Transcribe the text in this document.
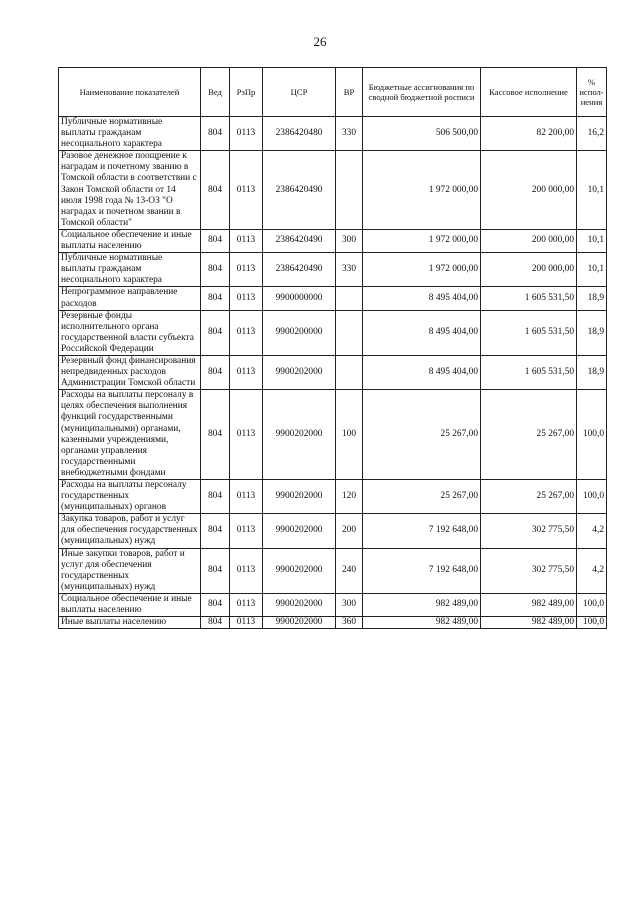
26
Наименование показателей	Вед	РзПр	ЦСР	ВР	Бюджетные ассигнования по сводной бюджетной росписи	Кассовое исполнение	% испол-нения
Публичные нормативные выплаты гражданам несоциального характера	804	0113	2386420480	330	506 500,00	82 200,00	16,2
Разовое денежное поощрение к наградам и почетному званию в Томской области в соответствии с Закон Томской области от 14 июля 1998 года № 13-ОЗ "О наградах и почетном звании в Томской области"	804	0113	2386420490		1 972 000,00	200 000,00	10,1
Социальное обеспечение и иные выплаты населению	804	0113	2386420490	300	1 972 000,00	200 000,00	10,1
Публичные нормативные выплаты гражданам несоциального характера	804	0113	2386420490	330	1 972 000,00	200 000,00	10,1
Непрограммное направление расходов	804	0113	9900000000		8 495 404,00	1 605 531,50	18,9
Резервные фонды исполнительного органа государственной власти субъекта Российской Федерации	804	0113	9900200000		8 495 404,00	1 605 531,50	18,9
Резервный фонд финансирования непредвиденных расходов Администрации Томской области	804	0113	9900202000		8 495 404,00	1 605 531,50	18,9
Расходы на выплаты персоналу в целях обеспечения выполнения функций государственными (муниципальными) органами, казенными учреждениями, органами управления государственными внебюджетными фондами	804	0113	9900202000	100	25 267,00	25 267,00	100,0
Расходы на выплаты персоналу государственных (муниципальных) органов	804	0113	9900202000	120	25 267,00	25 267,00	100,0
Закупка товаров, работ и услуг для обеспечения государственных (муниципальных) нужд	804	0113	9900202000	200	7 192 648,00	302 775,50	4,2
Иные закупки товаров, работ и услуг для обеспечения государственных (муниципальных) нужд	804	0113	9900202000	240	7 192 648,00	302 775,50	4,2
Социальное обеспечение и иные выплаты населению	804	0113	9900202000	300	982 489,00	982 489,00	100,0
Иные выплаты населению	804	0113	9900202000	360	982 489,00	982 489,00	100,0
